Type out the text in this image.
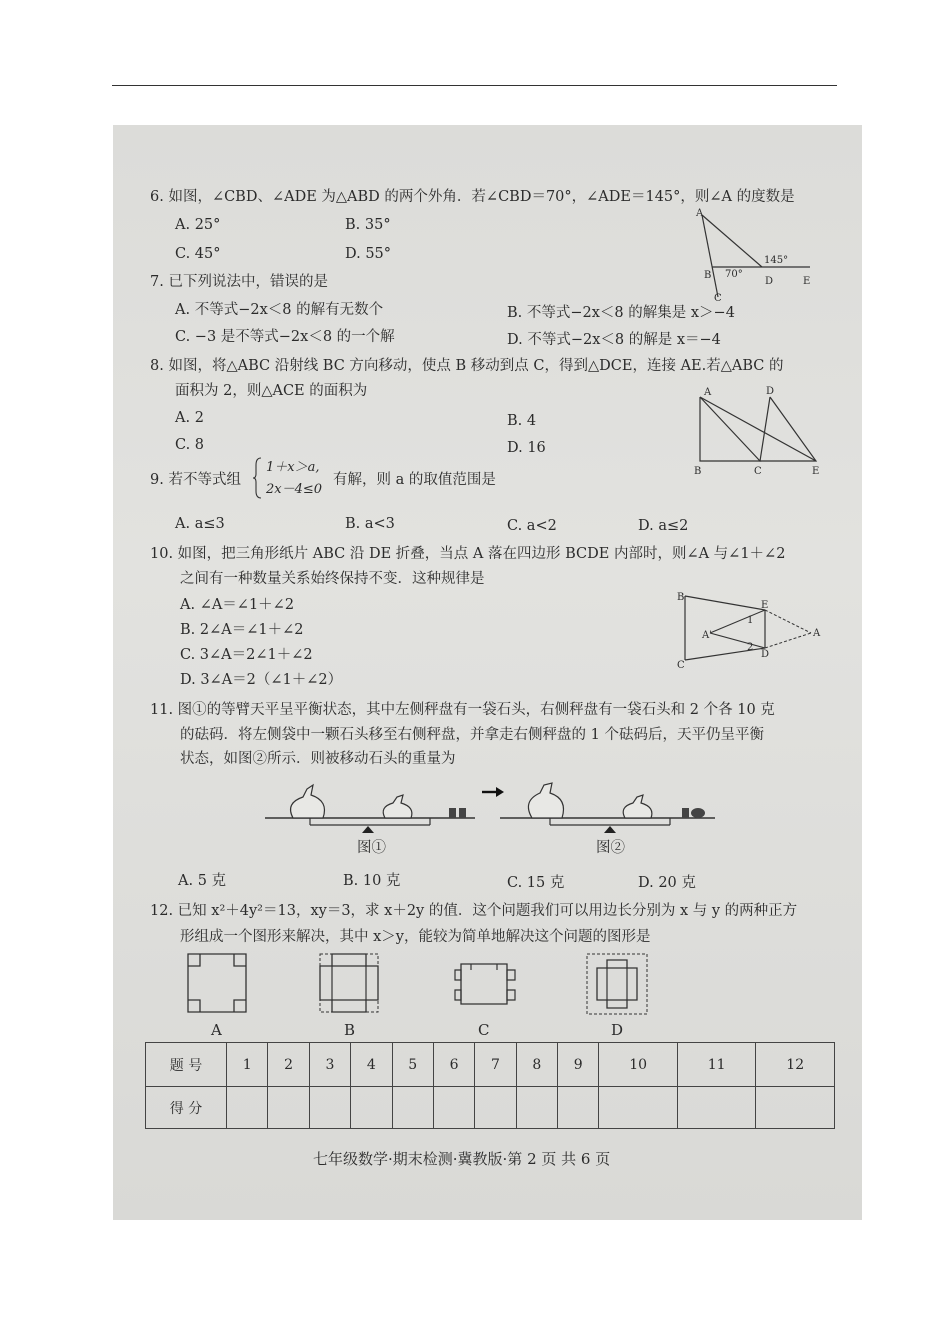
6. 如图，∠CBD、∠ADE 为△ABD 的两个外角．若∠CBD＝70°，∠ADE＝145°，则∠A 的度数是
A. 25°	B. 35°
C. 45°	D. 55°
A
B
C
D	E
145°
70°
7. 已下列说法中，错误的是
A. 不等式−2x＜8 的解有无数个	B. 不等式−2x＜8 的解集是 x＞−4
C. −3 是不等式−2x＜8 的一个解	D. 不等式−2x＜8 的解是 x＝−4
8. 如图，将△ABC 沿射线 BC 方向移动，使点 B 移动到点 C，得到△DCE，连接 AE.若△ABC 的
面积为 2，则△ACE 的面积为
A. 2	B. 4
C. 8	D. 16
A	D
B	C	E
9. 若不等式组
1＋x＞a,
2x－4≤0
有解，则 a 的取值范围是
A. a≤3	B. a<3	C. a<2	D. a≤2
10. 如图，把三角形纸片 ABC 沿 DE 折叠，当点 A 落在四边形 BCDE 内部时，则∠A 与∠1＋∠2
之间有一种数量关系始终保持不变．这种规律是
A. ∠A＝∠1＋∠2
B. 2∠A＝∠1＋∠2
C. 3∠A＝2∠1＋∠2
D. 3∠A＝2（∠1＋∠2）
B
C
E
D
A'	A
1
2
11. 图①的等臂天平呈平衡状态，其中左侧秤盘有一袋石头，右侧秤盘有一袋石头和 2 个各 10 克
的砝码．将左侧袋中一颗石头移至右侧秤盘，并拿走右侧秤盘的 1 个砝码后，天平仍呈平衡
状态，如图②所示．则被移动石头的重量为
图①	图②
A. 5 克	B. 10 克	C. 15 克	D. 20 克
12. 已知 x²＋4y²＝13，xy＝3，求 x＋2y 的值．这个问题我们可以用边长分别为 x 与 y 的两种正方
形组成一个图形来解决，其中 x＞y，能较为简单地解决这个问题的图形是
A	B	C	D
题 号	1	2	3	4	5	6	7	8	9	10	11	12
得 分												
七年级数学·期末检测·冀教版·第 2 页 共 6 页
